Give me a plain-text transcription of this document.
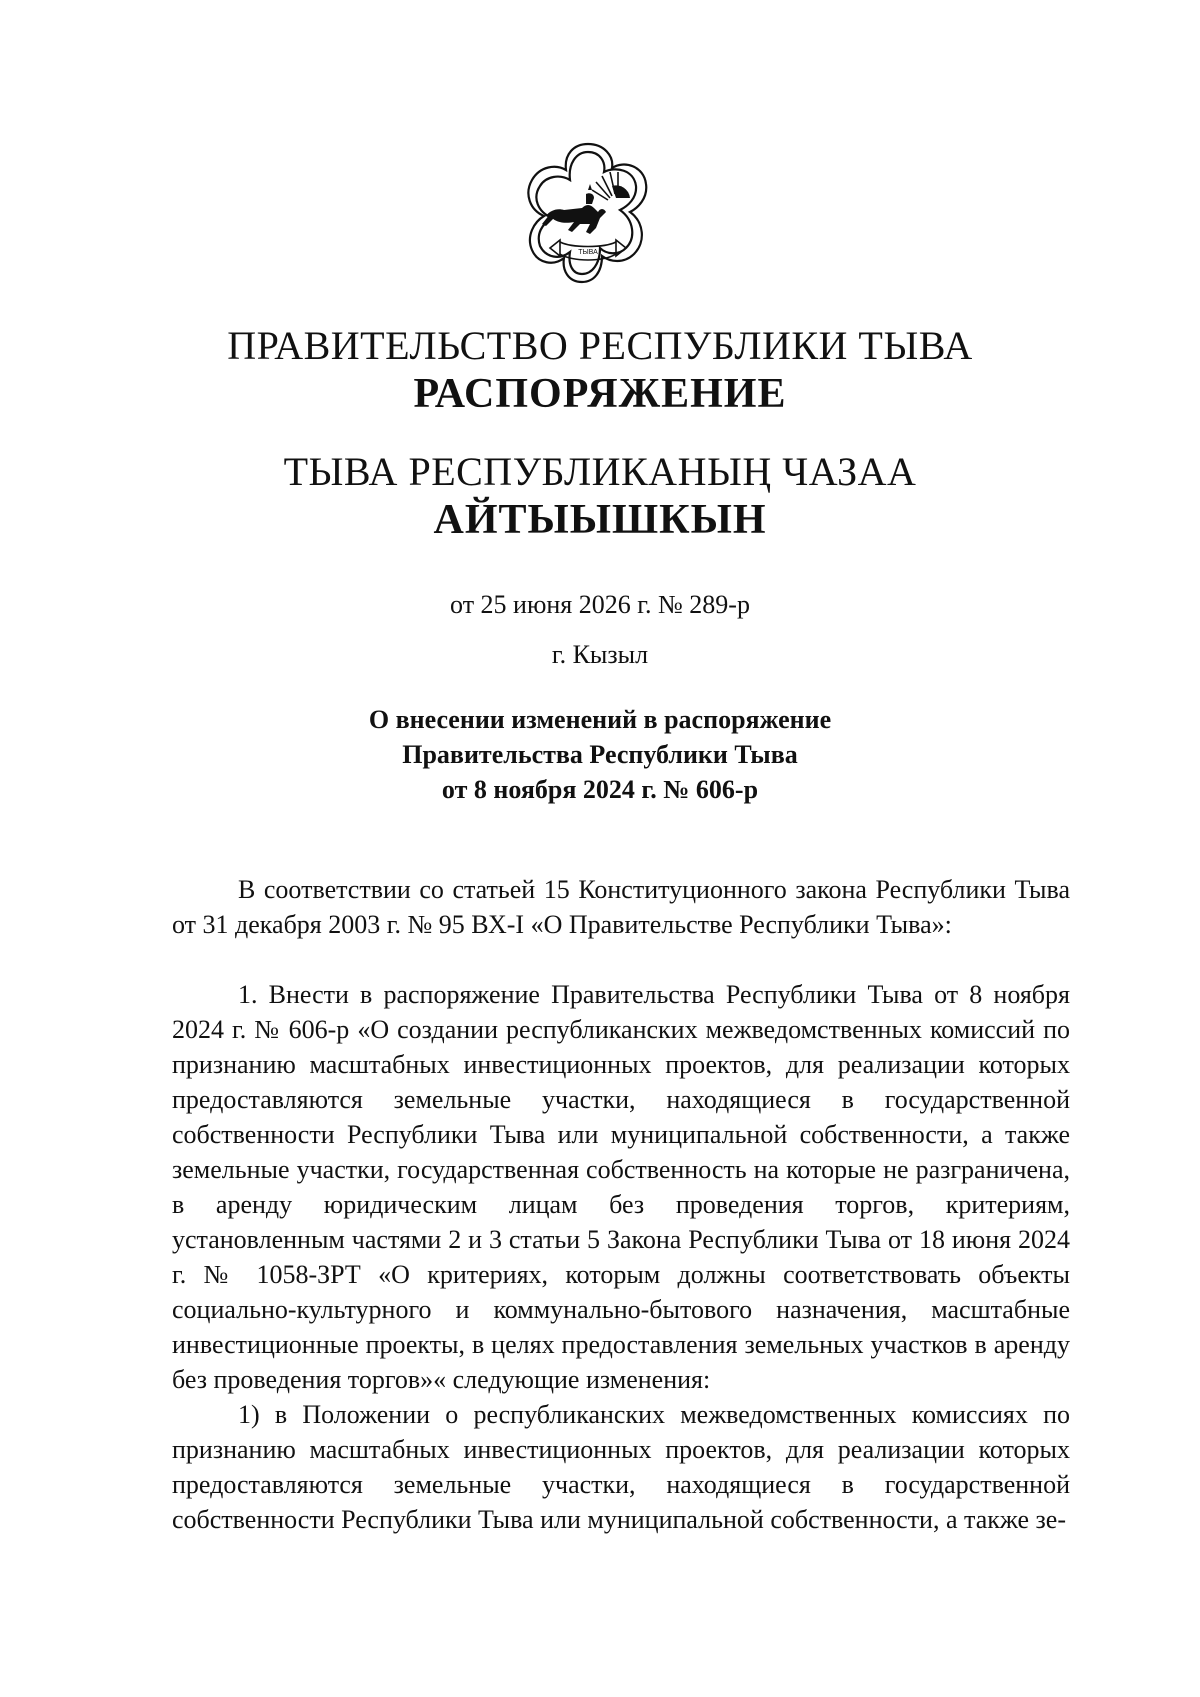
ТЫВА
ПРАВИТЕЛЬСТВО РЕСПУБЛИКИ ТЫВА
РАСПОРЯЖЕНИЕ
ТЫВА РЕСПУБЛИКАНЫҢ ЧАЗАА
АЙТЫЫШКЫН
от 25 июня 2026 г. № 289-р
г. Кызыл
О внесении изменений в распоряжение
Правительства Республики Тыва
от 8 ноября 2024 г. № 606-р

В соответствии со статьей 15 Конституционного закона Республики Тыва от 31 декабря 2003 г. № 95 ВХ-I «О Правительстве Республики Тыва»:

1. Внести в распоряжение Правительства Республики Тыва от 8 ноября 2024 г. № 606-р «О создании республиканских межведомственных комиссий по признанию масштабных инвестиционных проектов, для реализации которых предоставляются земельные участки, находящиеся в государственной собственности Республики Тыва или муниципальной собственности, а также земельные участки, государственная собственность на которые не разграничена, в аренду юридическим лицам без проведения торгов, критериям, установленным частями 2 и 3 статьи 5 Закона Республики Тыва от 18 июня 2024 г. № 1058-ЗРТ «О критериях, которым должны соответствовать объекты социально-культурного и коммунально-бытового назначения, масштабные инвестиционные проекты, в целях предоставления земельных участков в аренду без проведения торгов»« следующие изменения:

1) в Положении о республиканских межведомственных комиссиях по признанию масштабных инвестиционных проектов, для реализации которых предоставляются земельные участки, находящиеся в государственной собственности Республики Тыва или муниципальной собственности, а также зе-
